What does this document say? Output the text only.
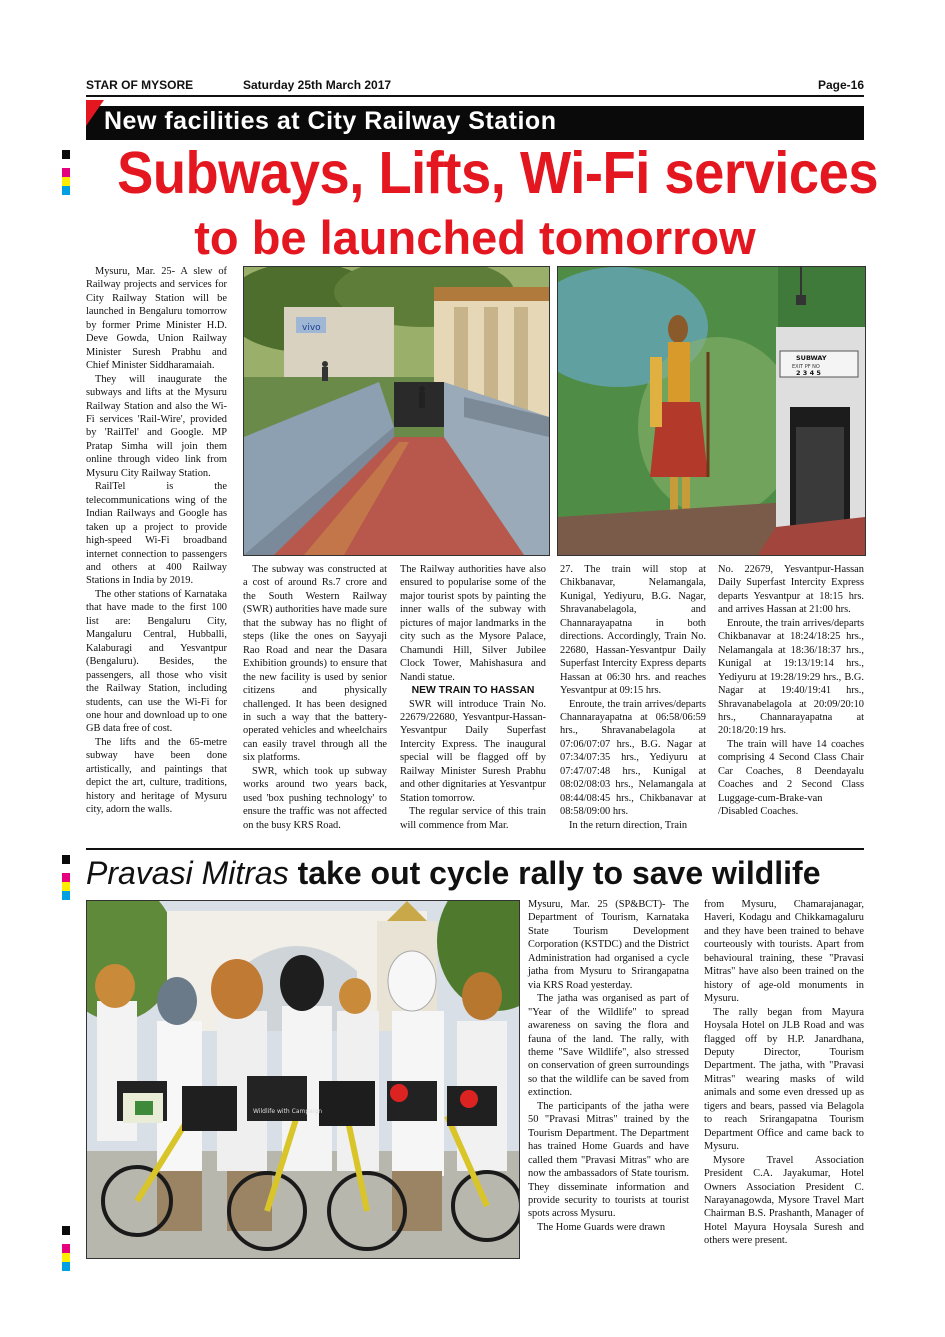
STAR OF MYSORE	Saturday 25th March 2017	Page-16
New facilities at City Railway Station
Subways, Lifts, Wi-Fi services
to be launched tomorrow

Mysuru, Mar. 25- A slew of Railway projects and services for City Railway Station will be launched in Bengaluru tomorrow by former Prime Minister H.D. Deve Gowda, Union Railway Minister Suresh Prabhu and Chief Minister Siddharamaiah.

They will inaugurate the subways and lifts at the Mysuru Railway Station and also the Wi-Fi services 'Rail-Wire', provided by 'RailTel' and Google. MP Pratap Simha will join them online through video link from Mysuru City Railway Station.

RailTel is the telecommunications wing of the Indian Railways and Google has taken up a project to provide high-speed Wi-Fi broadband internet connection to passengers and others at 400 Railway Stations in India by 2019.

The other stations of Karnataka that have made to the first 100 list are: Bengaluru City, Mangaluru Central, Hubballi, Kalaburagi and Yesvantpur (Bengaluru). Besides, the passengers, all those who visit the Railway Station, including students, can use the Wi-Fi for one hour and download up to one GB data free of cost.

The lifts and the 65-metre subway have been done artistically, and paintings that depict the art, culture, traditions, history and heritage of Mysuru city, adorn the walls.

vivo
SUBWAY
EXIT PF NO
2 3 4 5

The subway was constructed at a cost of around Rs.7 crore and the South Western Railway (SWR) authorities have made sure that the subway has no flight of steps (like the ones on Sayyaji Rao Road and near the Dasara Exhibition grounds) to ensure that the new facility is used by senior citizens and physically challenged. It has been designed in such a way that the battery-operated vehicles and wheelchairs can easily travel through all the six platforms.

SWR, which took up subway works around two years back, used 'box pushing technology' to ensure the traffic was not affected on the busy KRS Road.

The Railway authorities have also ensured to popularise some of the major tourist spots by painting the inner walls of the subway with pictures of major landmarks in the city such as the Mysore Palace, Chamundi Hill, Silver Jubilee Clock Tower, Mahishasura and Nandi statue.

NEW TRAIN TO HASSAN

SWR will introduce Train No. 22679/22680, Yesvantpur-Hassan-Yesvantpur Daily Superfast Intercity Express. The inaugural special will be flagged off by Railway Minister Suresh Prabhu and other dignitaries at Yesvantpur Station tomorrow.

The regular service of this train will commence from Mar.

27. The train will stop at Chikbanavar, Nelamangala, Kunigal, Yediyuru, B.G. Nagar, Shravanabelagola, and Channarayapatna in both directions. Accordingly, Train No. 22680, Hassan-Yesvantpur Daily Superfast Intercity Express departs Hassan at 06:30 hrs. and reaches Yesvantpur at 09:15 hrs.

Enroute, the train arrives/departs Channarayapatna at 06:58/06:59 hrs., Shravanabelagola at 07:06/07:07 hrs., B.G. Nagar at 07:34/07:35 hrs., Yediyuru at 07:47/07:48 hrs., Kunigal at 08:02/08:03 hrs., Nelamangala at 08:44/08:45 hrs., Chikbanavar at 08:58/09:00 hrs.

In the return direction, Train

No. 22679, Yesvantpur-Hassan Daily Superfast Intercity Express departs Yesvantpur at 18:15 hrs. and arrives Hassan at 21:00 hrs.

Enroute, the train arrives/departs Chikbanavar at 18:24/18:25 hrs., Nelamangala at 18:36/18:37 hrs., Kunigal at 19:13/19:14 hrs., Yediyuru at 19:28/19:29 hrs., B.G. Nagar at 19:40/19:41 hrs., Shravanabelagola at 20:09/20:10 hrs., Channarayapatna at 20:18/20:19 hrs.

The train will have 14 coaches comprising 4 Second Class Chair Car Coaches, 8 Deendayalu Coaches and 2 Second Class Luggage-cum-Brake-van /Disabled Coaches.

Pravasi Mitras take out cycle rally to save wildlife
Wildlife with Campaign

Mysuru, Mar. 25 (SP&BCT)- The Department of Tourism, Karnataka State Tourism Development Corporation (KSTDC) and the District Administration had organised a cycle jatha from Mysuru to Srirangapatna via KRS Road yesterday.

The jatha was organised as part of "Year of the Wildlife" to spread awareness on saving the flora and fauna of the land. The rally, with theme "Save Wildlife", also stressed on conservation of green surroundings so that the wildlife can be saved from extinction.

The participants of the jatha were 50 "Pravasi Mitras" trained by the Tourism Department. The Department has trained Home Guards and have called them "Pravasi Mitras" who are now the ambassadors of State tourism. They disseminate information and provide security to tourists at tourist spots across Mysuru.

The Home Guards were drawn

from Mysuru, Chamarajanagar, Haveri, Kodagu and Chikkamagaluru and they have been trained to behave courteously with tourists. Apart from behavioural training, these "Pravasi Mitras" have also been trained on the history of age-old monuments in Mysuru.

The rally began from Mayura Hoysala Hotel on JLB Road and was flagged off by H.P. Janardhana, Deputy Director, Tourism Department. The jatha, with "Pravasi Mitras" wearing masks of wild animals and some even dressed up as tigers and bears, passed via Belagola to reach Srirangapatna Tourism Department Office and came back to Mysuru.

Mysore Travel Association President C.A. Jayakumar, Hotel Owners Association President C. Narayanagowda, Mysore Travel Mart Chairman B.S. Prashanth, Manager of Hotel Mayura Hoysala Suresh and others were present.
